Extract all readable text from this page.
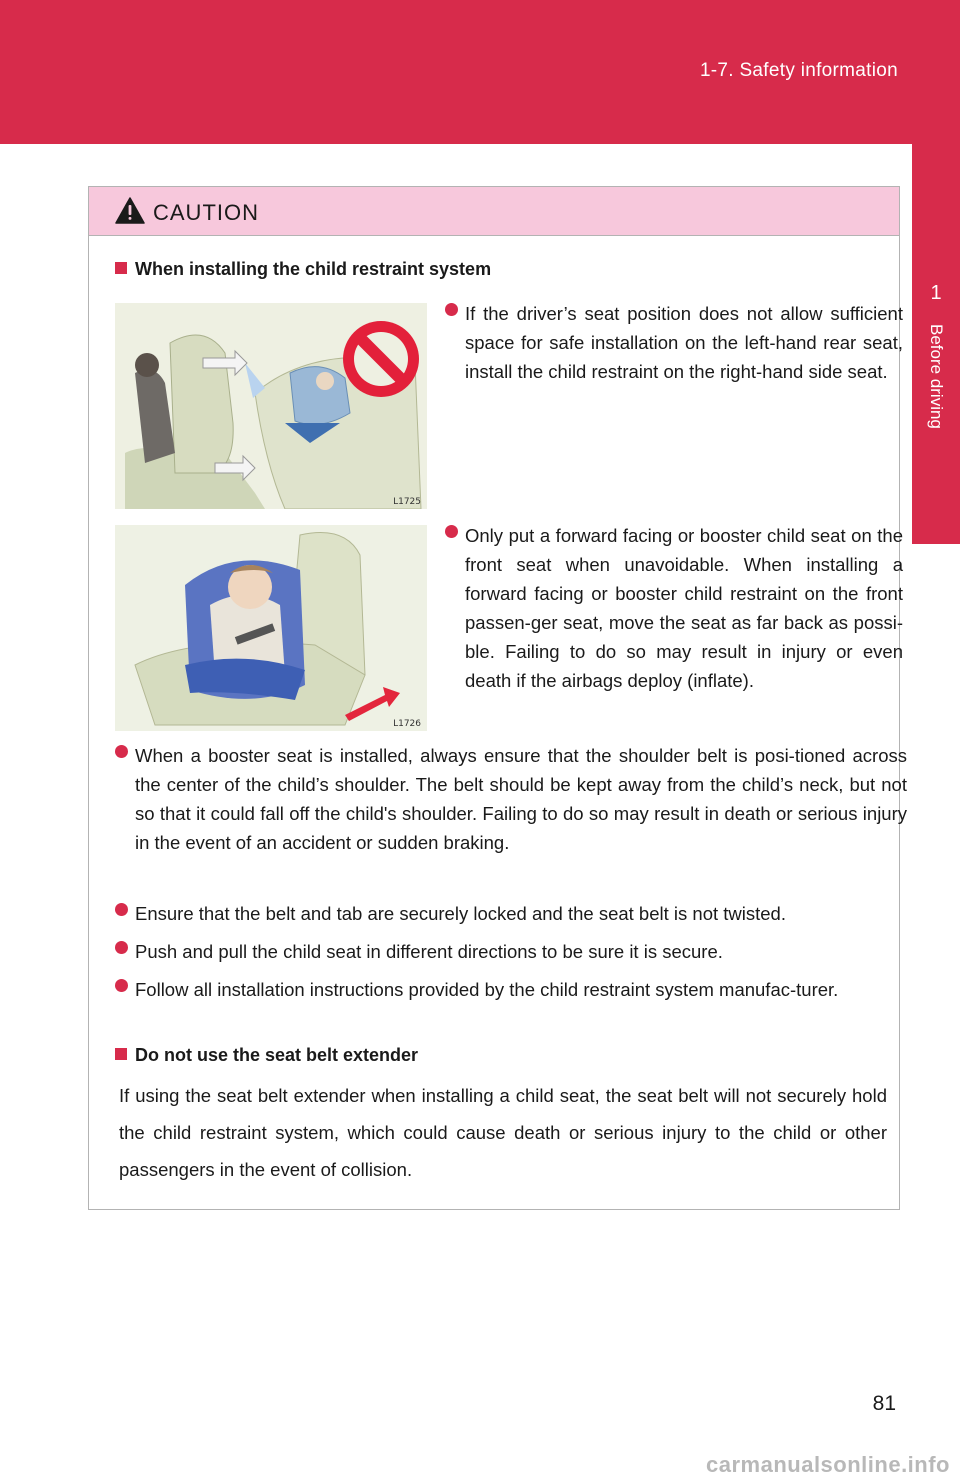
1-7. Safety information
1
Before driving
CAUTION
When installing the child restraint system
L1725
L1726
If the driver’s seat position does not allow sufficient space for safe installation on the left-hand rear seat, install the child restraint on the right-hand side seat.
Only put a forward facing or booster child seat on the front seat when unavoidable. When installing a forward facing or booster child restraint on the front passen-ger seat, move the seat as far back as possi-ble. Failing to do so may result in injury or even death if the airbags deploy (inflate).
When a booster seat is installed, always ensure that the shoulder belt is posi-tioned across the center of the child’s shoulder. The belt should be kept away from the child’s neck, but not so that it could fall off the child's shoulder. Failing to do so may result in death or serious injury in the event of an accident or sudden braking.
Ensure that the belt and tab are securely locked and the seat belt is not twisted.
Push and pull the child seat in different directions to be sure it is secure.
Follow all installation instructions provided by the child restraint system manufac-turer.
Do not use the seat belt extender
If using the seat belt extender when installing a child seat, the seat belt will not securely hold the child restraint system, which could cause death or serious injury to the child or other passengers in the event of collision.
81
carmanualsonline.info
